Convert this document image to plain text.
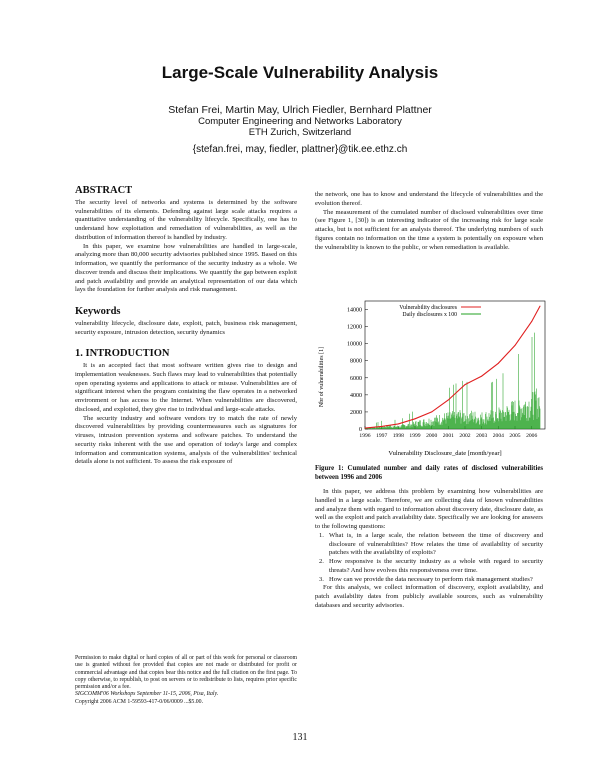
Large-Scale Vulnerability Analysis
Stefan Frei, Martin May, Ulrich Fiedler, Bernhard Plattner
Computer Engineering and Networks Laboratory
ETH Zurich, Switzerland
{stefan.frei, may, fiedler, plattner}@tik.ee.ethz.ch

ABSTRACT

The security level of networks and systems is determined by the software vulnerabilities of its elements. Defending against large scale attacks requires a quantitative understanding of the vulnerability lifecycle. Specifically, one has to understand how exploitation and remediation of vulnerabilities, as well as the distribution of information thereof is handled by industry.

In this paper, we examine how vulnerabilities are handled in large-scale, analyzing more than 80,000 security advisories published since 1995. Based on this information, we quantify the performance of the security industry as a whole. We discover trends and discuss their implications. We quantify the gap between exploit and patch availability and provide an analytical representation of our data which lays the foundation for further analysis and risk management.

Keywords

vulnerability lifecycle, disclosure date, exploit, patch, business risk management, security exposure, intrusion detection, security dynamics

1. INTRODUCTION

It is an accepted fact that most software written gives rise to design and implementation weaknesses. Such flaws may lead to vulnerabilities that potentially open operating systems and applications to attack or misuse. Vulnerabilities are of significant interest when the program containing the flaw operates in a networked environment or has access to the Internet. When vulnerabilities are discovered, disclosed, and exploited, they give rise to individual and large-scale attacks.

The security industry and software vendors try to match the rate of newly discovered vulnerabilities by providing countermeasures such as signatures for viruses, intrusion prevention systems and software patches. To understand the security risks inherent with the use and operation of today's large and complex information and communication systems, analysis of the vulnerabilities' technical details alone is not sufficient. To assess the risk exposure of

Permission to make digital or hard copies of all or part of this work for personal or classroom use is granted without fee provided that copies are not made or distributed for profit or commercial advantage and that copies bear this notice and the full citation on the first page. To copy otherwise, to republish, to post on servers or to redistribute to lists, requires prior specific permission and/or a fee.

SIGCOMM'06 Workshops September 11-15, 2006, Pisa, Italy.

Copyright 2006 ACM 1-59593-417-0/06/0009 ...$5.00.

the network, one has to know and understand the lifecycle of vulnerabilities and the evolution thereof.

The measurement of the cumulated number of disclosed vulnerabilities over time (see Figure 1, [30]) is an interesting indicator of the increasing risk for large scale attacks, but is not sufficient for an analysis thereof. The underlying numbers of such figures contain no information on the time a system is potentially on exposure when the vulnerability is known to the public, or when remediation is available.

0
2000
4000
6000
8000
10000
12000
14000
1996 1997 1998 1999 2000 2001 2002 2003 2004 2005 2006
Vulnerability disclosures
Daily disclosures x 100
Nbr of vulnerabilities [1]
Vulnerability Disclosure_date [month/year]
Figure 1: Cumulated number and daily rates of disclosed vulnerabilities between 1996 and 2006

In this paper, we address this problem by examining how vulnerabilities are handled in a large scale. Therefore, we are collecting data of known vulnerabilities and analyze them with regard to information about discovery date, disclosure date, as well as the exploit and patch availability date. Specifically we are looking for answers to the following questions:

1. What is, in a large scale, the relation between the time of discovery and disclosure of vulnerabilities? How relates the time of availability of security patches with the availability of exploits?
2. How responsive is the security industry as a whole with regard to security threats? And how evolves this responsiveness over time.
3. How can we provide the data necessary to perform risk management studies?

For this analysis, we collect information of discovery, exploit availability, and patch availability dates from publicly available sources, such as vulnerability databases and security advisories.

131
